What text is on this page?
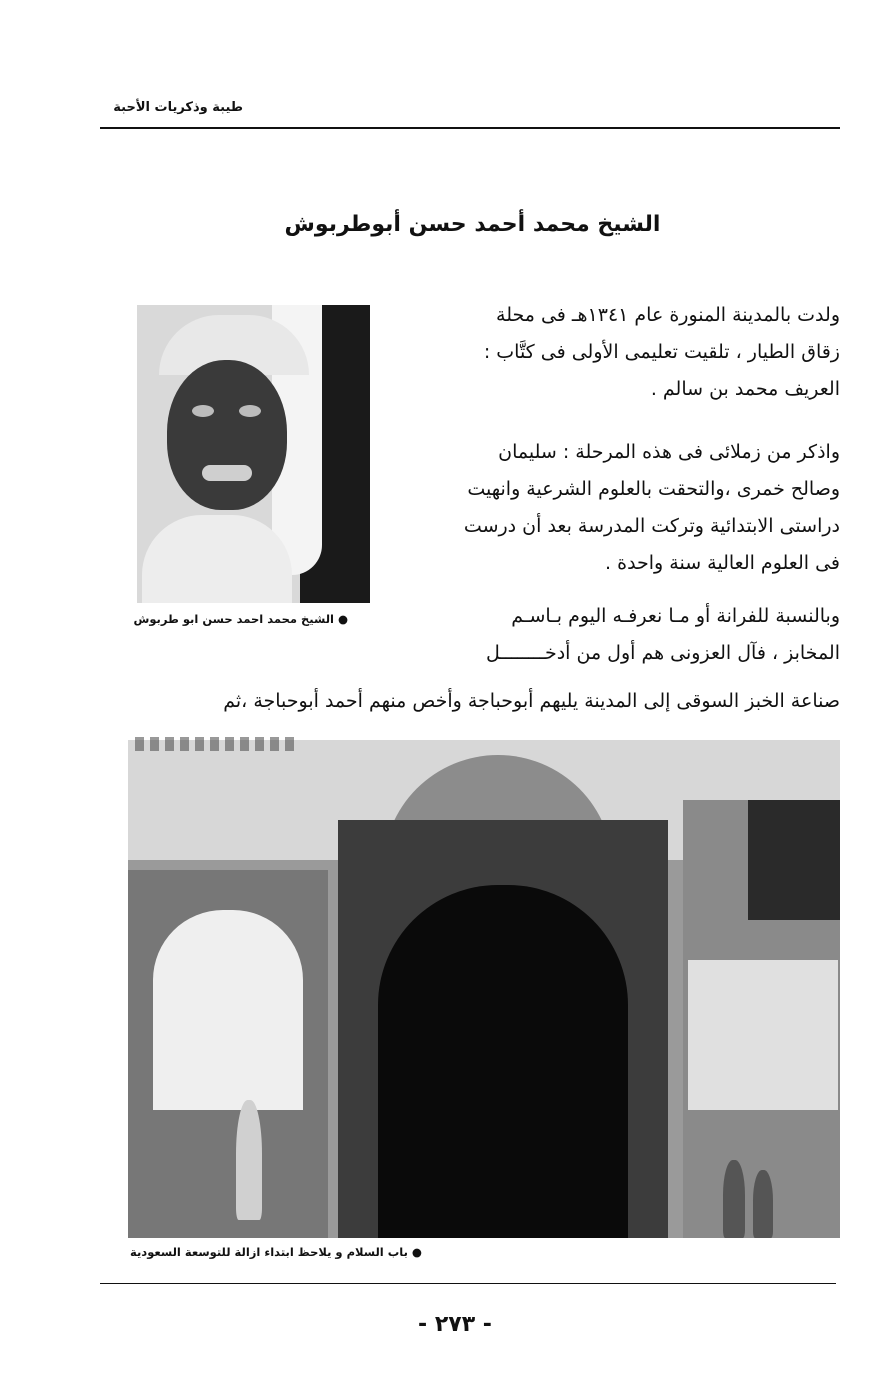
طيبة وذكريات الأحبة
الشيخ محمد أحمد حسن أبوطربوش
● الشيخ محمد احمد حسن ابو طربوش
ولدت بالمدينة المنورة عام ١٣٤١هـ فى محلة
زقاق الطيار ، تلقيت تعليمى الأولى فى كتَّاب :
العريف محمد بن سالم .
واذكر من زملائى فى هذه المرحلة : سليمان
وصالح خمرى ،والتحقت بالعلوم الشرعية وانهيت
دراستى الابتدائية وتركت المدرسة بعد أن درست
فى العلوم العالية سنة واحدة .
وبالنسبة للفرانة أو مـا نعرفـه اليوم بـاسـم
المخابز ، فآل العزونى هم أول من أدخــــــــل
صناعة الخبز السوقى إلى المدينة يليهم أبوحباجة وأخص منهم أحمد أبوحباجة ،ثم
● باب السلام و يلاحظ ابتداء ازالة للتوسعة السعودية
- ٢٧٣ -
